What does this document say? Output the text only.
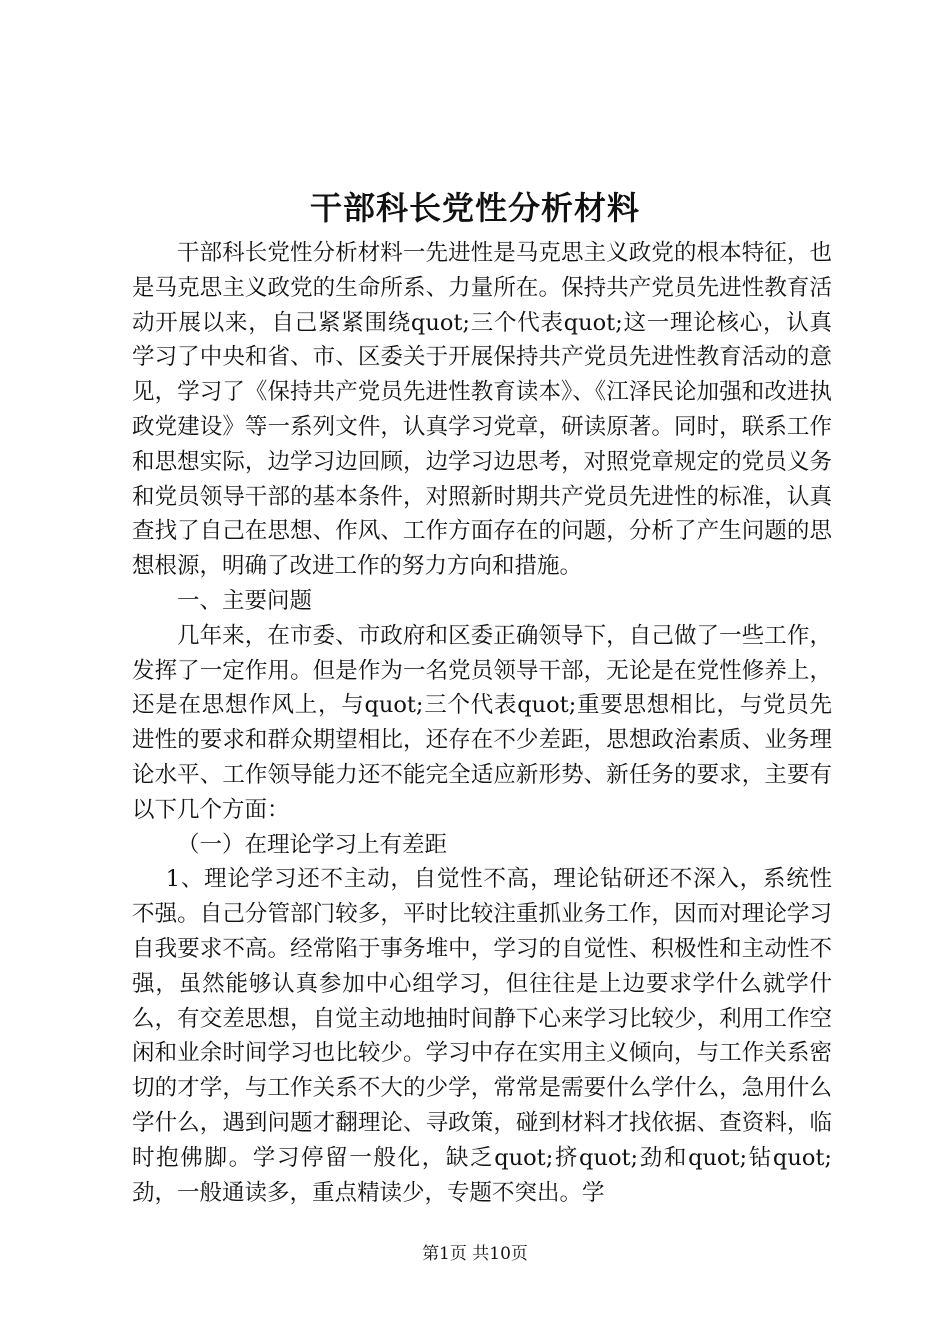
干部科长党性分析材料

干部科长党性分析材料一先进性是马克思主义政党的根本特征，也是马克思主义政党的生命所系、力量所在。保持共产党员先进性教育活动开展以来，自己紧紧围绕quot;三个代表quot;这一理论核心，认真学习了中央和省、市、区委关于开展保持共产党员先进性教育活动的意见，学习了《保持共产党员先进性教育读本》、《江泽民论加强和改进执政党建设》等一系列文件，认真学习党章，研读原著。同时，联系工作和思想实际，边学习边回顾，边学习边思考，对照党章规定的党员义务和党员领导干部的基本条件，对照新时期共产党员先进性的标准，认真查找了自己在思想、作风、工作方面存在的问题，分析了产生问题的思想根源，明确了改进工作的努力方向和措施。

一、主要问题

几年来，在市委、市政府和区委正确领导下，自己做了一些工作，发挥了一定作用。但是作为一名党员领导干部，无论是在党性修养上，还是在思想作风上，与quot;三个代表quot;重要思想相比，与党员先进性的要求和群众期望相比，还存在不少差距，思想政治素质、业务理论水平、工作领导能力还不能完全适应新形势、新任务的要求，主要有以下几个方面：

（一）在理论学习上有差距

1、理论学习还不主动，自觉性不高，理论钻研还不深入，系统性不强。自己分管部门较多，平时比较注重抓业务工作，因而对理论学习自我要求不高。经常陷于事务堆中，学习的自觉性、积极性和主动性不强，虽然能够认真参加中心组学习，但往往是上边要求学什么就学什么，有交差思想，自觉主动地抽时间静下心来学习比较少，利用工作空闲和业余时间学习也比较少。学习中存在实用主义倾向，与工作关系密切的才学，与工作关系不大的少学，常常是需要什么学什么，急用什么学什么，遇到问题才翻理论、寻政策，碰到材料才找依据、查资料，临时抱佛脚。学习停留一般化，缺乏quot;挤quot;劲和quot;钻quot;劲，一般通读多，重点精读少，专题不突出。学

第1页 共10页
